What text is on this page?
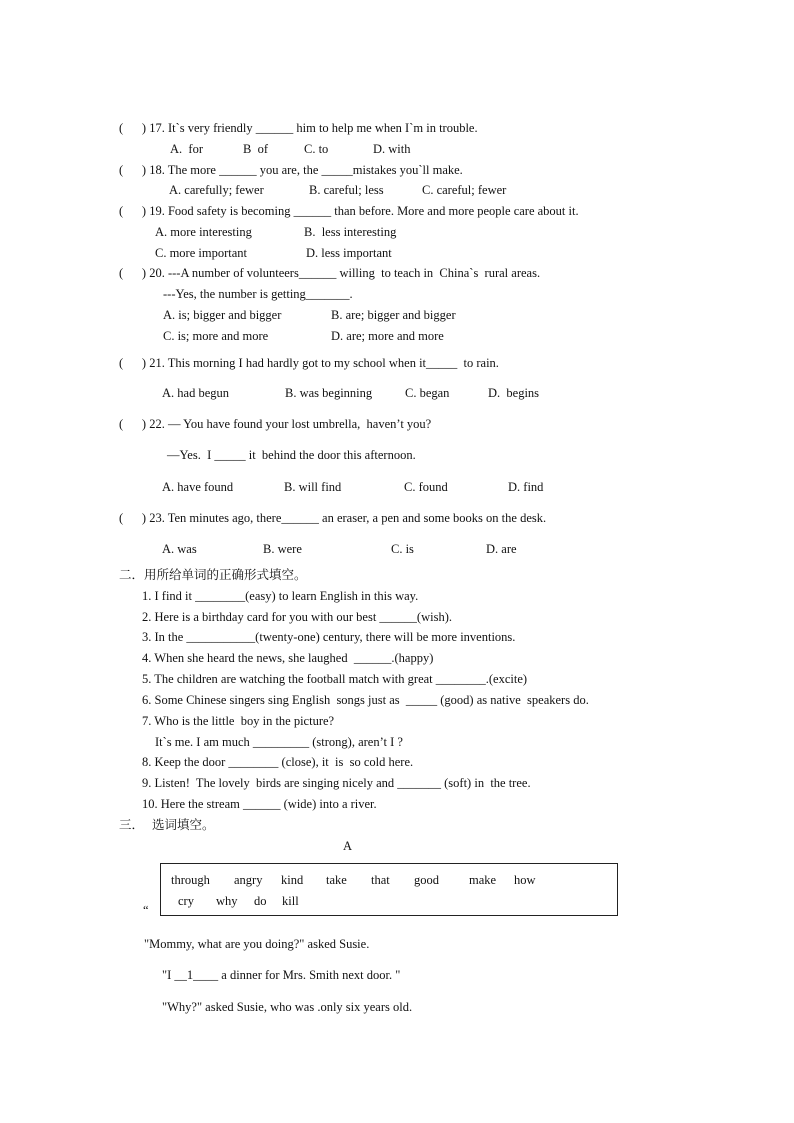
(      ) 17. It`s very friendly ______ him to help me when I`m in trouble.
A.  for	B  of	C. to	D. with
(      ) 18. The more ______ you are, the _____mistakes you`ll make.
A. carefully; fewer	B. careful; less	C. careful; fewer
(      ) 19. Food safety is becoming ______ than before. More and more people care about it.
A. more interesting	B.  less interesting
C. more important	D. less important
(      ) 20. ---A number of volunteers______ willing  to teach in  China`s  rural areas.
---Yes, the number is getting_______.
A. is; bigger and bigger	B. are; bigger and bigger
C. is; more and more	D. are; more and more
(      ) 21. This morning I had hardly got to my school when it_____  to rain.
A. had begun	B. was beginning	C. began	D.  begins
(      ) 22. — You have found your lost umbrella,  haven’t you?
—Yes.  I _____ it  behind the door this afternoon.
A. have found	B. will find	C. found	D. find
(      ) 23. Ten minutes ago, there______ an eraser, a pen and some books on the desk.
A. was	B. were	C. is	D. are
二．用所给单词的正确形式填空。
1. I find it ________(easy) to learn English in this way.
2. Here is a birthday card for you with our best ______(wish).
3. In the ___________(twenty-one) century, there will be more inventions.
4. When she heard the news, she laughed  ______.(happy)
5. The children are watching the football match with great ________.(excite)
6. Some Chinese singers sing English  songs just as  _____ (good) as native  speakers do.
7. Who is the little  boy in the picture?
It`s me. I am much _________ (strong), aren’t I ?
8. Keep the door ________ (close), it  is  so cold here.
9. Listen!  The lovely  birds are singing nicely and _______ (soft) in  the tree.
10. Here the stream ______ (wide) into a river.
三．  选词填空。
A
through angry kind take that good make how
cry why do kill
“
"Mommy, what are you doing?" asked Susie.
"I __1____ a dinner for Mrs. Smith next door. "
"Why?" asked Susie, who was .only six years old.
